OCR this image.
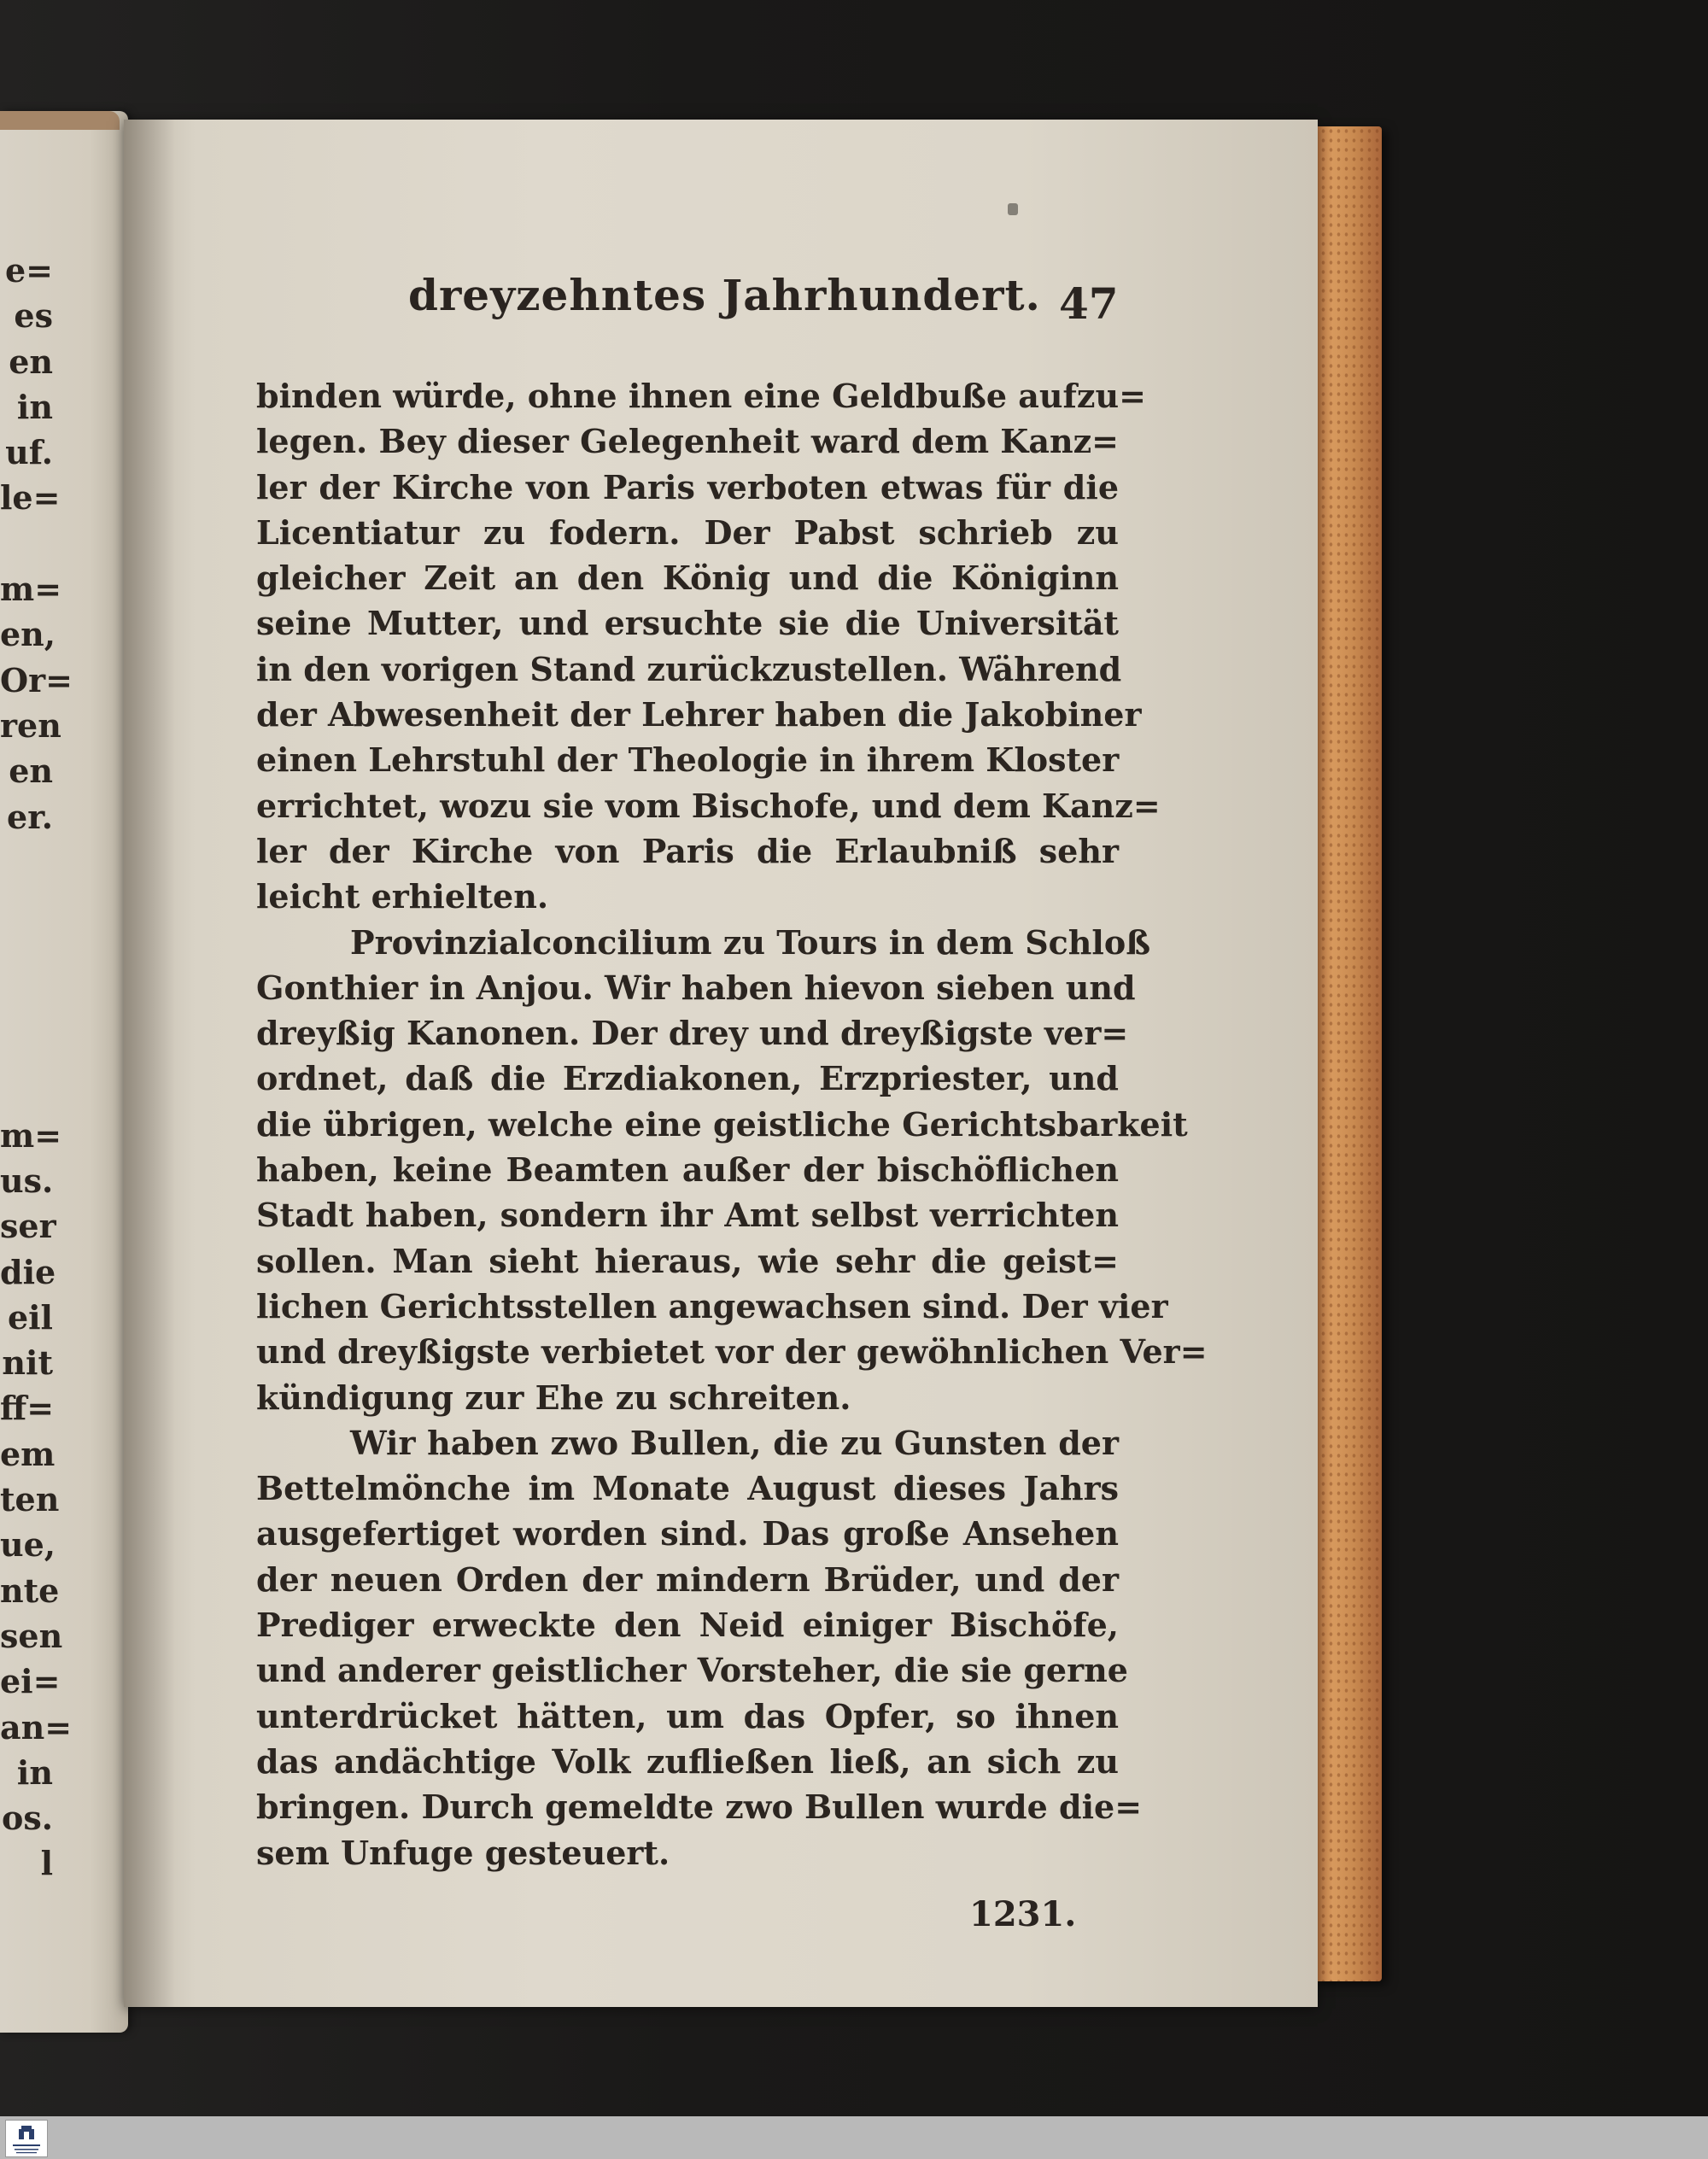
e=
es
en
in
uf.
le=
m=
en,
Or=
ren
en
er.
m=
us.
ser
die
eil
nit
ff=
em
ten
ue,
nte
sen
ei=
an=
in
os.
l
dreyzehntes Jahrhundert. 47
binden würde, ohne ihnen eine Geldbuße aufzu=
legen. Bey dieser Gelegenheit ward dem Kanz=
ler der Kirche von Paris verboten etwas für die
Licentiatur zu fodern. Der Pabst schrieb zu
gleicher Zeit an den König und die Königinn
seine Mutter, und ersuchte sie die Universität
in den vorigen Stand zurückzustellen. Während
der Abwesenheit der Lehrer haben die Jakobiner
einen Lehrstuhl der Theologie in ihrem Kloster
errichtet, wozu sie vom Bischofe, und dem Kanz=
ler der Kirche von Paris die Erlaubniß sehr
leicht erhielten.
Provinzialconcilium zu Tours in dem Schloß
Gonthier in Anjou. Wir haben hievon sieben und
dreyßig Kanonen. Der drey und dreyßigste ver=
ordnet, daß die Erzdiakonen, Erzpriester, und
die übrigen, welche eine geistliche Gerichtsbarkeit
haben, keine Beamten außer der bischöflichen
Stadt haben, sondern ihr Amt selbst verrichten
sollen. Man sieht hieraus, wie sehr die geist=
lichen Gerichtsstellen angewachsen sind. Der vier
und dreyßigste verbietet vor der gewöhnlichen Ver=
kündigung zur Ehe zu schreiten.
Wir haben zwo Bullen, die zu Gunsten der
Bettelmönche im Monate August dieses Jahrs
ausgefertiget worden sind. Das große Ansehen
der neuen Orden der mindern Brüder, und der
Prediger erweckte den Neid einiger Bischöfe,
und anderer geistlicher Vorsteher, die sie gerne
unterdrücket hätten, um das Opfer, so ihnen
das andächtige Volk zufließen ließ, an sich zu
bringen. Durch gemeldte zwo Bullen wurde die=
sem Unfuge gesteuert.
1231.
